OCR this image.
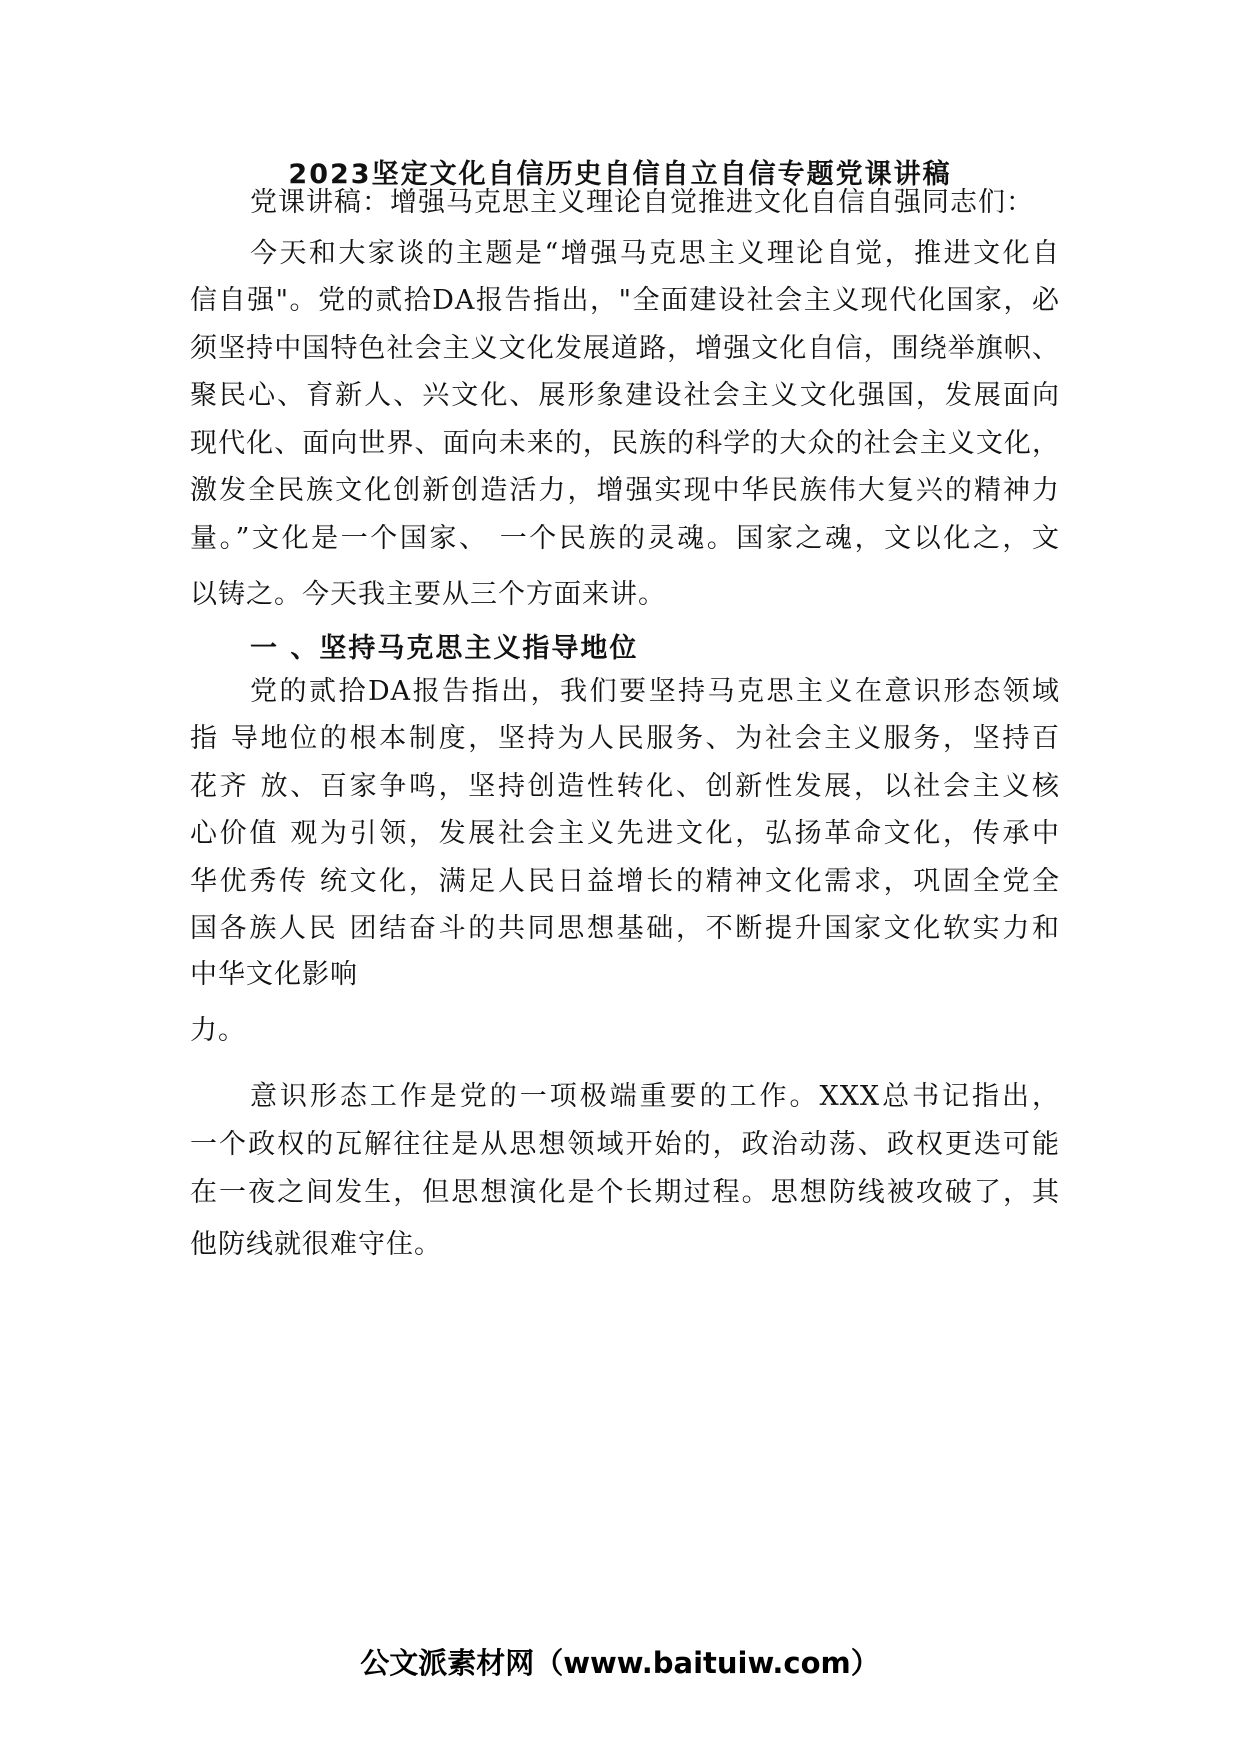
2023坚定文化自信历史自信自立自信专题党课讲稿
党课讲稿：增强马克思主义理论自觉推进文化自信自强同志们：
今天和大家谈的主题是“增强马克思主义理论自觉，推进文化自
信自强"。党的贰拾DA报告指出，"全面建设社会主义现代化国家，必
须坚持中国特色社会主义文化发展道路，增强文化自信，围绕举旗帜、
聚民心、育新人、兴文化、展形象建设社会主义文化强国，发展面向
现代化、面向世界、面向未来的，民族的科学的大众的社会主义文化，
激发全民族文化创新创造活力，增强实现中华民族伟大复兴的精神力
量。”文化是一个国家、 一个民族的灵魂。国家之魂，文以化之，文
以铸之。今天我主要从三个方面来讲。
一 、坚持马克思主义指导地位
党的贰拾DA报告指出，我们要坚持马克思主义在意识形态领域
指 导地位的根本制度，坚持为人民服务、为社会主义服务，坚持百
花齐 放、百家争鸣，坚持创造性转化、创新性发展，以社会主义核
心价值 观为引领，发展社会主义先进文化，弘扬革命文化，传承中
华优秀传 统文化，满足人民日益增长的精神文化需求，巩固全党全
国各族人民 团结奋斗的共同思想基础，不断提升国家文化软实力和
中华文化影响
力。
意识形态工作是党的一项极端重要的工作。XXX总书记指出，
一个政权的瓦解往往是从思想领域开始的，政治动荡、政权更迭可能
在一夜之间发生，但思想演化是个长期过程。思想防线被攻破了，其
他防线就很难守住。
公文派素材网（www.baituiw.com）
